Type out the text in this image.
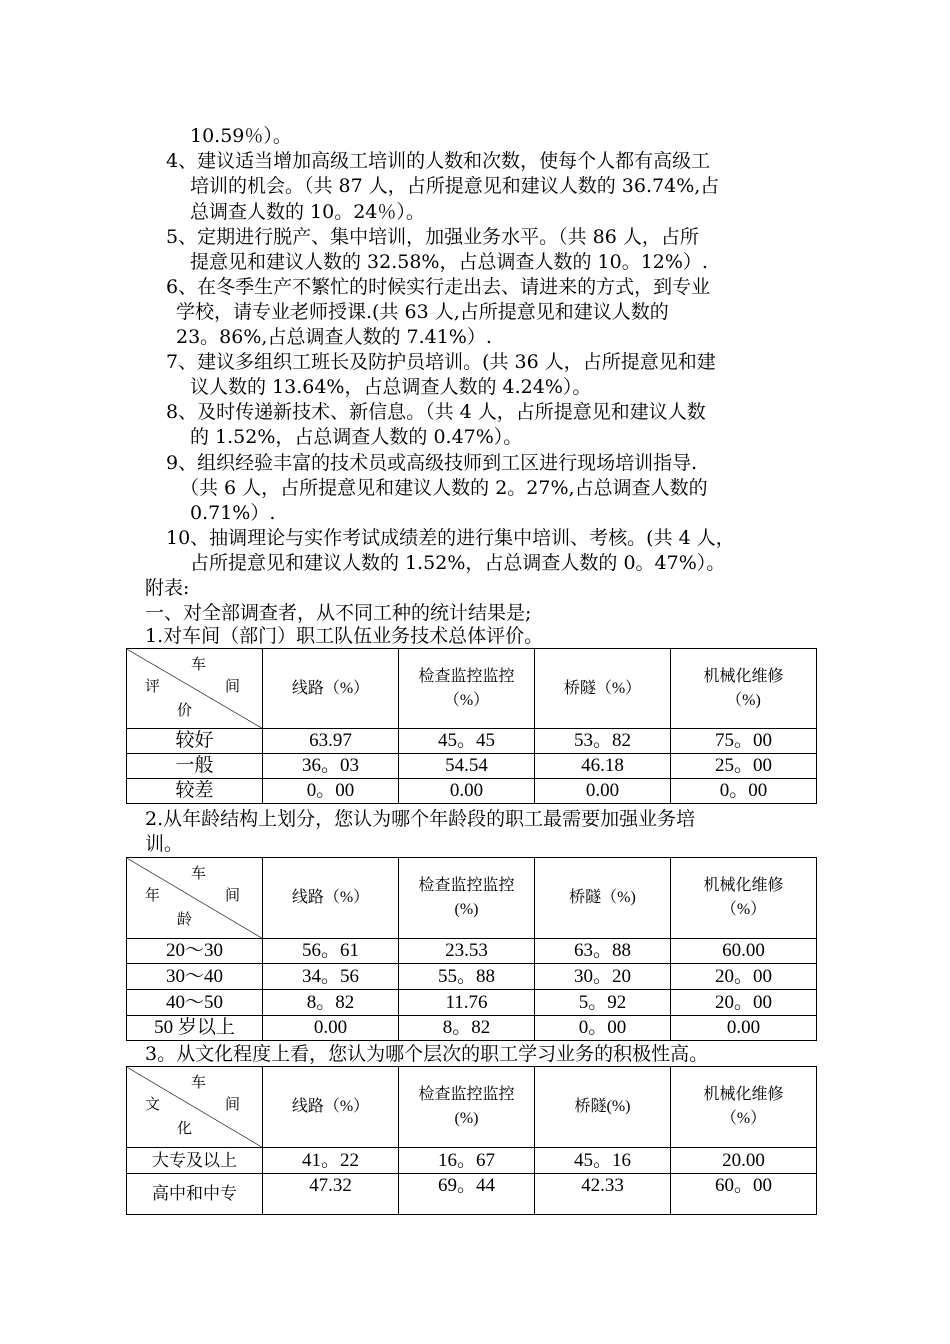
10.59％）。
4、建议适当增加高级工培训的人数和次数，使每个人都有高级工
培训的机会。（共 87 人，占所提意见和建议人数的 36.74%,占
总调查人数的 10。24％）。
5、定期进行脱产、集中培训，加强业务水平。（共 86 人，占所
提意见和建议人数的 32.58%，占总调查人数的 10。12%）.
6、在冬季生产不繁忙的时候实行走出去、请进来的方式，到专业
学校，请专业老师授课.(共 63 人,占所提意见和建议人数的
23。86%,占总调查人数的 7.41%）.
7、建议多组织工班长及防护员培训。(共 36 人，占所提意见和建
议人数的 13.64%，占总调查人数的 4.24%）。
8、及时传递新技术、新信息。（共 4 人，占所提意见和建议人数
的 1.52%，占总调查人数的 0.47%）。
9、组织经验丰富的技术员或高级技师到工区进行现场培训指导.
（共 6 人，占所提意见和建议人数的 2。27%,占总调查人数的
0.71%）.
10、抽调理论与实作考试成绩差的进行集中培训、考核。(共 4 人，
占所提意见和建议人数的 1.52%，占总调查人数的 0。47%）。
附表:
一、对全部调查者，从不同工种的统计结果是;
1.对车间（部门）职工队伍业务技术总体评价。
车
间
评
价	线路（%）	检查监控监控（%）	桥隧（%）	机械化维修（%)
较好	63.97	45。45	53。82	75。00
一般	36。03	54.54	46.18	25。00
较差	0。00	0.00	0.00	0。00
2.从年龄结构上划分，您认为哪个年龄段的职工最需要加强业务培
训。
车
间
年
龄	线路（%）	检查监控监控(%)	桥隧（%)	机械化维修（%）
20～30	56。61	23.53	63。88	60.00
30～40	34。56	55。88	30。20	20。00
40～50	8。82	11.76	5。92	20。00
50 岁以上	0.00	8。82	0。00	0.00
3。从文化程度上看，您认为哪个层次的职工学习业务的积极性高。
车
间
文
化	线路（%）	检查监控监控(%)	桥隧(%)	机械化维修（%）
大专及以上	41。22	16。67	45。16	20.00
高中和中专	47.32	69。44	42.33	60。00
